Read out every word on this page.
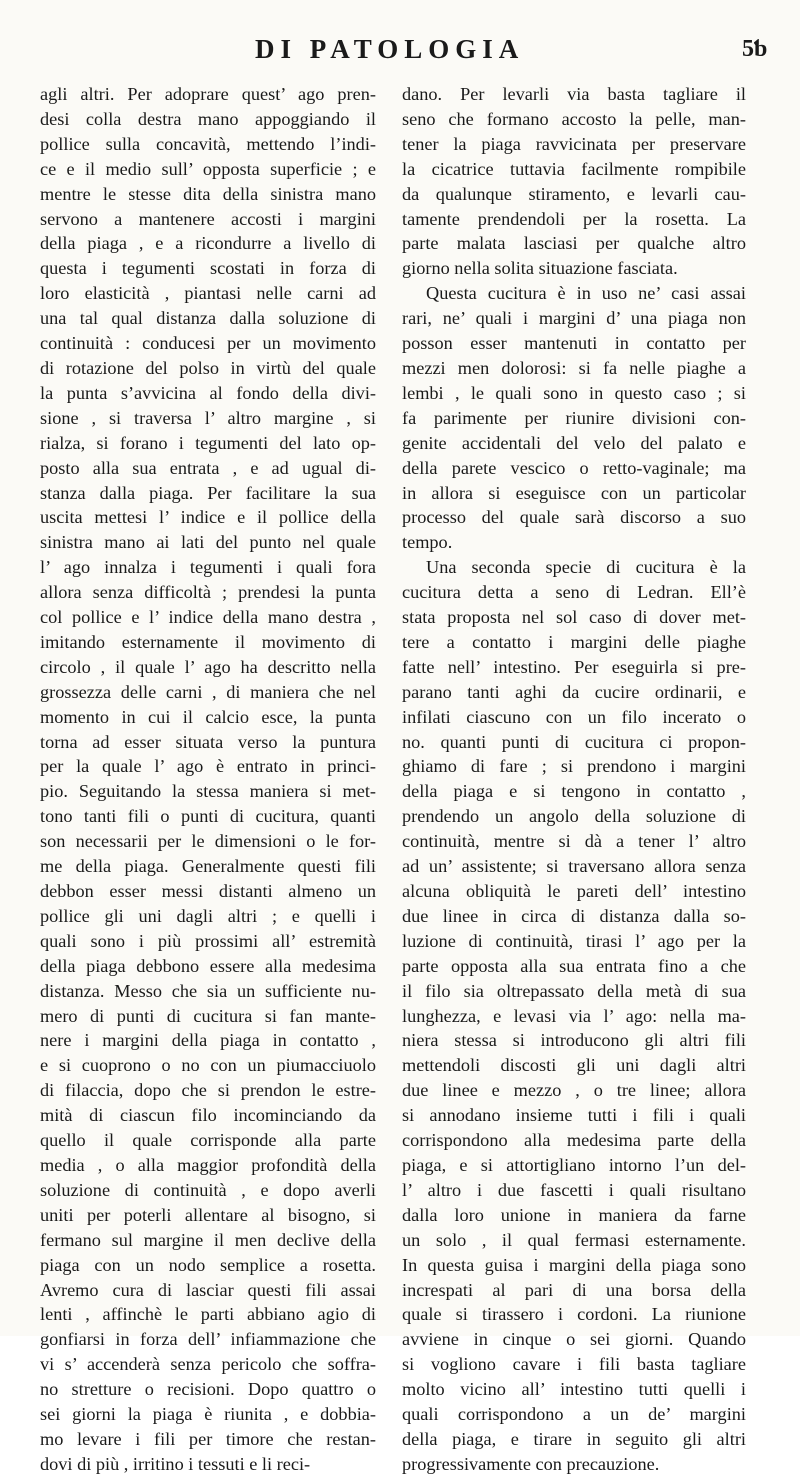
DI PATOLOGIA	5ƅ
agli altri. Per adoprare quest’ ago pren-
desi colla destra mano appoggiando il
pollice sulla concavità, mettendo l’indi-
ce e il medio sull’ opposta superficie ; e
mentre le stesse dita della sinistra mano
servono a mantenere accosti i margini
della piaga , e a ricondurre a livello di
questa i tegumenti scostati in forza di
loro elasticità , piantasi nelle carni ad
una tal qual distanza dalla soluzione di
continuità : conducesi per un movimento
di rotazione del polso in virtù del quale
la punta s’avvicina al fondo della divi-
sione , si traversa l’ altro margine , si
rialza, si forano i tegumenti del lato op-
posto alla sua entrata , e ad ugual di-
stanza dalla piaga. Per facilitare la sua
uscita mettesi l’ indice e il pollice della
sinistra mano ai lati del punto nel quale
l’ ago innalza i tegumenti i quali fora
allora senza difficoltà ; prendesi la punta
col pollice e l’ indice della mano destra ,
imitando esternamente il movimento di
circolo , il quale l’ ago ha descritto nella
grossezza delle carni , di maniera che nel
momento in cui il calcio esce, la punta
torna ad esser situata verso la puntura
per la quale l’ ago è entrato in princi-
pio. Seguitando la stessa maniera si met-
tono tanti fili o punti di cucitura, quanti
son necessarii per le dimensioni o le for-
me della piaga. Generalmente questi fili
debbon esser messi distanti almeno un
pollice gli uni dagli altri ; e quelli i
quali sono i più prossimi all’ estremità
della piaga debbono essere alla medesima
distanza. Messo che sia un sufficiente nu-
mero di punti di cucitura si fan mante-
nere i margini della piaga in contatto ,
e si cuoprono o no con un piumacciuolo
di filaccia, dopo che si prendon le estre-
mità di ciascun filo incominciando da
quello il quale corrisponde alla parte
media , o alla maggior profondità della
soluzione di continuità , e dopo averli
uniti per poterli allentare al bisogno, si
fermano sul margine il men declive della
piaga con un nodo semplice a rosetta.
Avremo cura di lasciar questi fili assai
lenti , affinchè le parti abbiano agio di
gonfiarsi in forza dell’ infiammazione che
vi s’ accenderà senza pericolo che soffra-
no stretture o recisioni. Dopo quattro o
sei giorni la piaga è riunita , e dobbia-
mo levare i fili per timore che restan-
dovi di più , irritino i tessuti e li reci-
dano. Per levarli via basta tagliare il
seno che formano accosto la pelle, man-
tener la piaga ravvicinata per preservare
la cicatrice tuttavia facilmente rompibile
da qualunque stiramento, e levarli cau-
tamente prendendoli per la rosetta. La
parte malata lasciasi per qualche altro
giorno nella solita situazione fasciata.
Questa cucitura è in uso ne’ casi assai
rari, ne’ quali i margini d’ una piaga non
posson esser mantenuti in contatto per
mezzi men dolorosi: si fa nelle piaghe a
lembi , le quali sono in questo caso ; si
fa parimente per riunire divisioni con-
genite accidentali del velo del palato e
della parete vescico o retto-vaginale; ma
in allora si eseguisce con un particolar
processo del quale sarà discorso a suo
tempo.
Una seconda specie di cucitura è la
cucitura detta a seno di Ledran. Ell’è
stata proposta nel sol caso di dover met-
tere a contatto i margini delle piaghe
fatte nell’ intestino. Per eseguirla si pre-
parano tanti aghi da cucire ordinarii, e
infilati ciascuno con un filo incerato o
no. quanti punti di cucitura ci propon-
ghiamo di fare ; si prendono i margini
della piaga e si tengono in contatto ,
prendendo un angolo della soluzione di
continuità, mentre si dà a tener l’ altro
ad un’ assistente; si traversano allora senza
alcuna obliquità le pareti dell’ intestino
due linee in circa di distanza dalla so-
luzione di continuità, tirasi l’ ago per la
parte opposta alla sua entrata fino a che
il filo sia oltrepassato della metà di sua
lunghezza, e levasi via l’ ago: nella ma-
niera stessa si introducono gli altri fili
mettendoli discosti gli uni dagli altri
due linee e mezzo , o tre linee; allora
si annodano insieme tutti i fili i quali
corrispondono alla medesima parte della
piaga, e si attortigliano intorno l’un del-
l’ altro i due fascetti i quali risultano
dalla loro unione in maniera da farne
un solo , il qual fermasi esternamente.
In questa guisa i margini della piaga sono
increspati al pari di una borsa della
quale si tirassero i cordoni. La riunione
avviene in cinque o sei giorni. Quando
si vogliono cavare i fili basta tagliare
molto vicino all’ intestino tutti quelli i
quali corrispondono a un de’ margini
della piaga, e tirare in seguito gli altri
progressivamente con precauzione.
